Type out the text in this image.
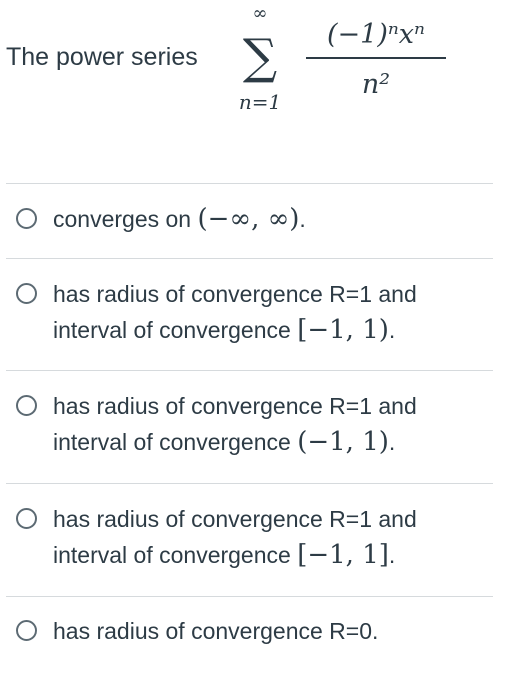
The power series
∞
∑
n=1
(−1)ⁿxⁿ
n²
converges on (−∞, ∞).
has radius of convergence R=1 and
interval of convergence [−1, 1).
has radius of convergence R=1 and
interval of convergence (−1, 1).
has radius of convergence R=1 and
interval of convergence [−1, 1].
has radius of convergence R=0.
